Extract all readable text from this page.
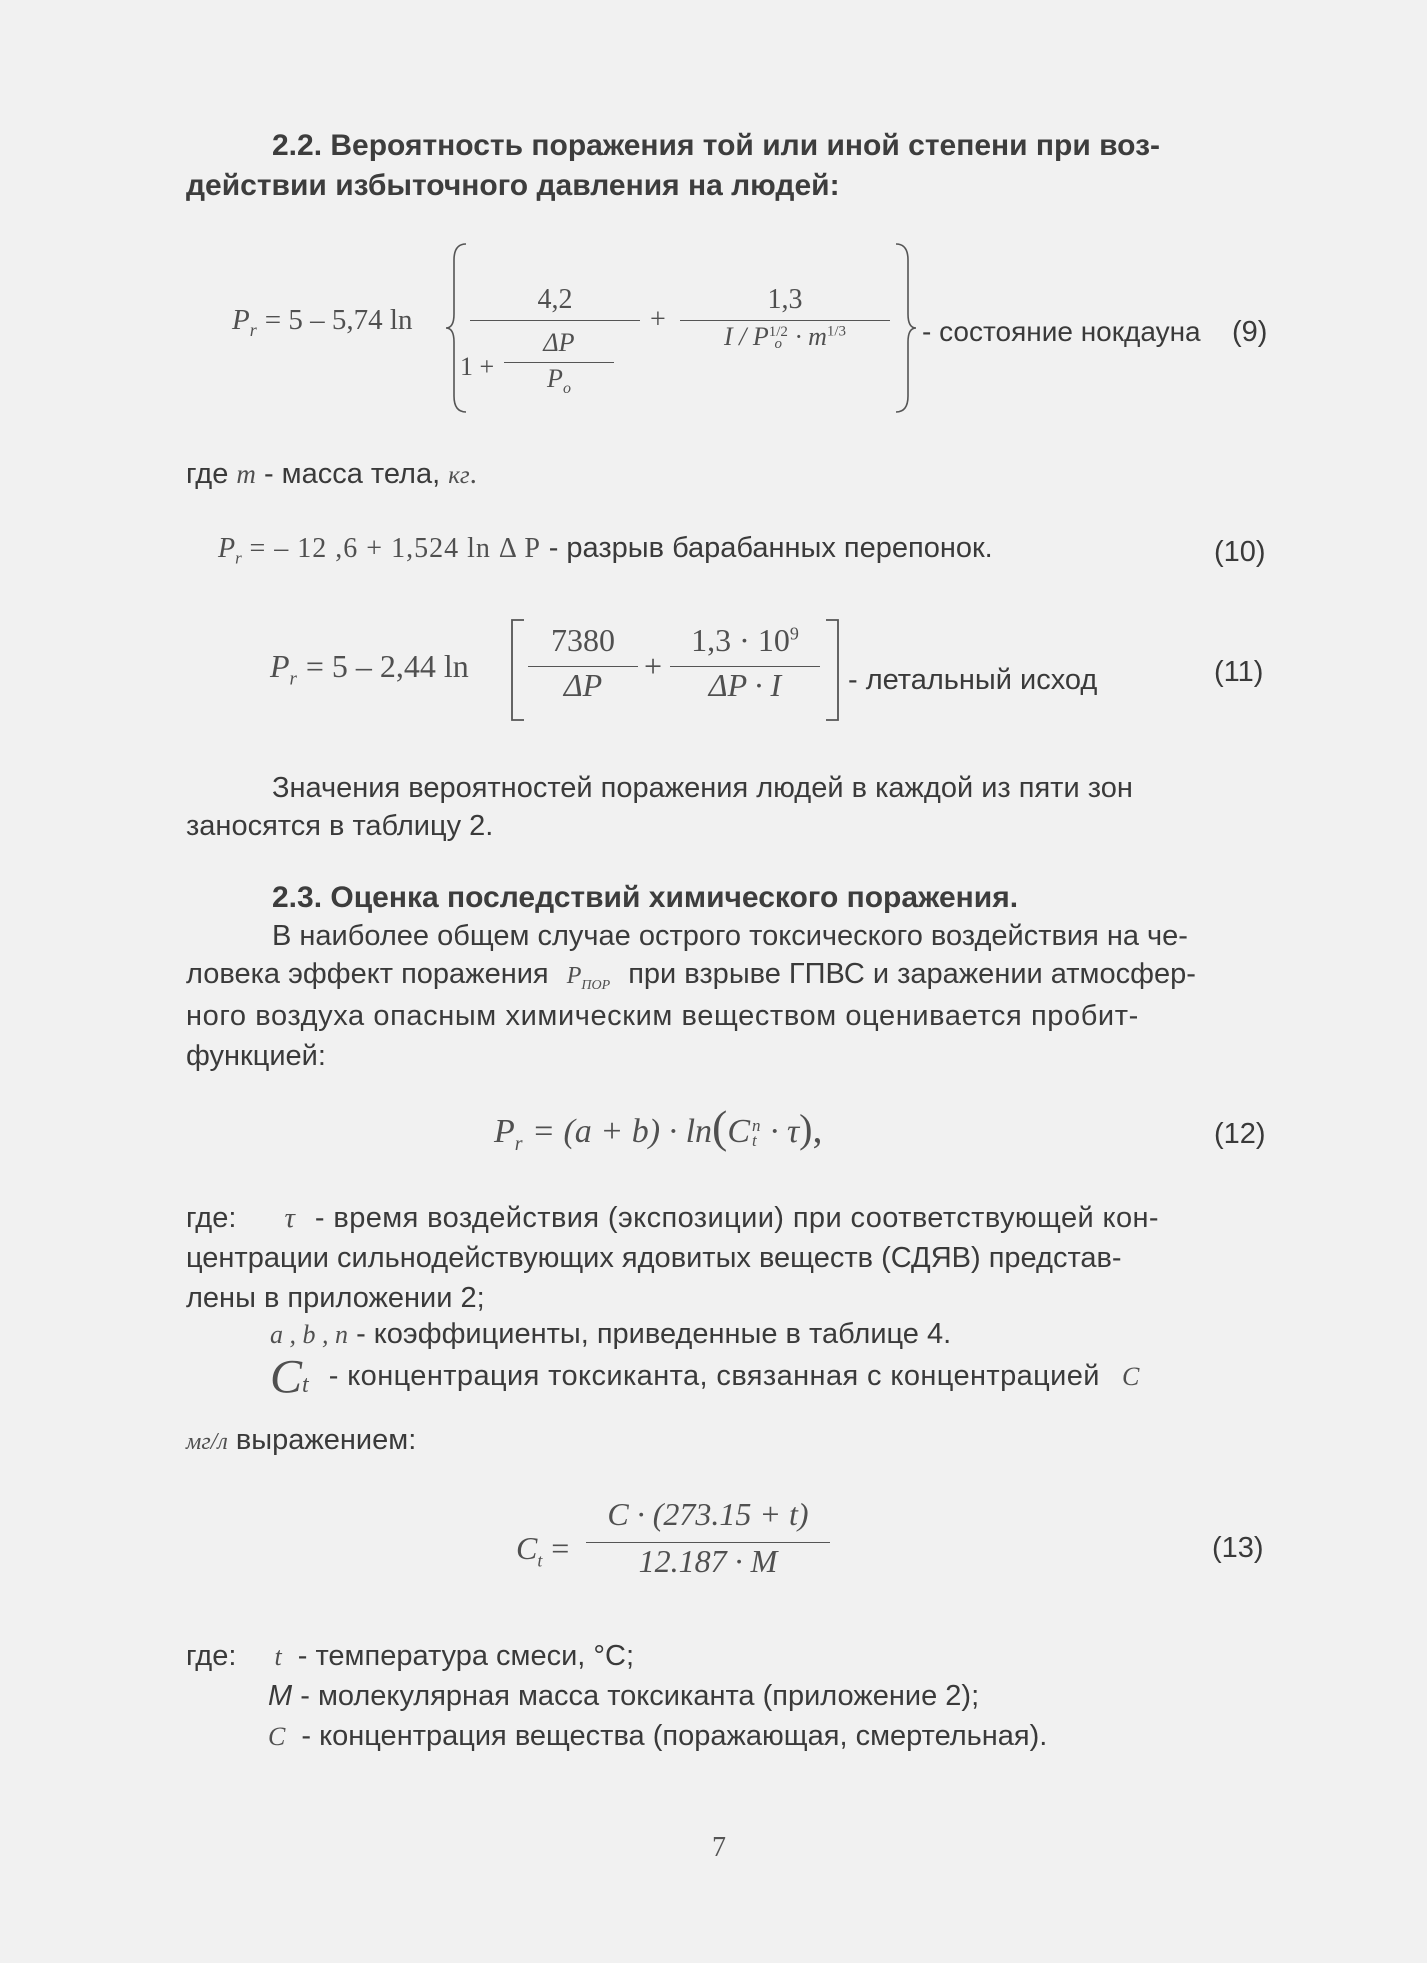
2.2. Вероятность поражения той или иной степени при воз-
действии избыточного давления на людей:
$P_r = 5 - 5,74$ ln
4,2
1 +
ΔP
$P_o$
+
1,3
I / P 1/2
$o \cdot m^{1/3}$	- состояние нокдауна (9)
где m - масса тела, кг.
$P_r$ = – 12 ,6 + 1,524 ln Δ P - разрыв барабанных перепонок.	(10)
$P_r = 5 - 2,44$ ln
7380
ΔP
+
$1,3 \cdot 10^9$
ΔP · I	- летальный исход	(11)
Значения вероятностей поражения людей в каждой из пяти зон
заносятся в таблицу 2.
2.3. Оценка последствий химического поражения.
В наиболее общем случае острого токсического воздействия на че-
ловека эффект поражения $P_{ПОР}$ при взрыве ГПВС и заражении атмосфер-
ного воздуха опасным химическим веществом оценивается пробит-
функцией:
$P_r = (a + b) \cdot \ln(C$ n
t · τ),	(12)
где: τ - время воздействия (экспозиции) при соответствующей кон-
центрации сильнодействующих ядовитых веществ (СДЯВ) представ-
лены в приложении 2;
a , b , n - коэффициенты, приведенные в таблице 4.
$C_t$ - концентрация токсиканта, связанная с концентрацией C
мг/л выражением:
$C_t$ =
C · (273.15 + t)
12.187 · M	(13)
где: t - температура смеси, °C;
M - молекулярная масса токсиканта (приложение 2);
C - концентрация вещества (поражающая, смертельная).
7
